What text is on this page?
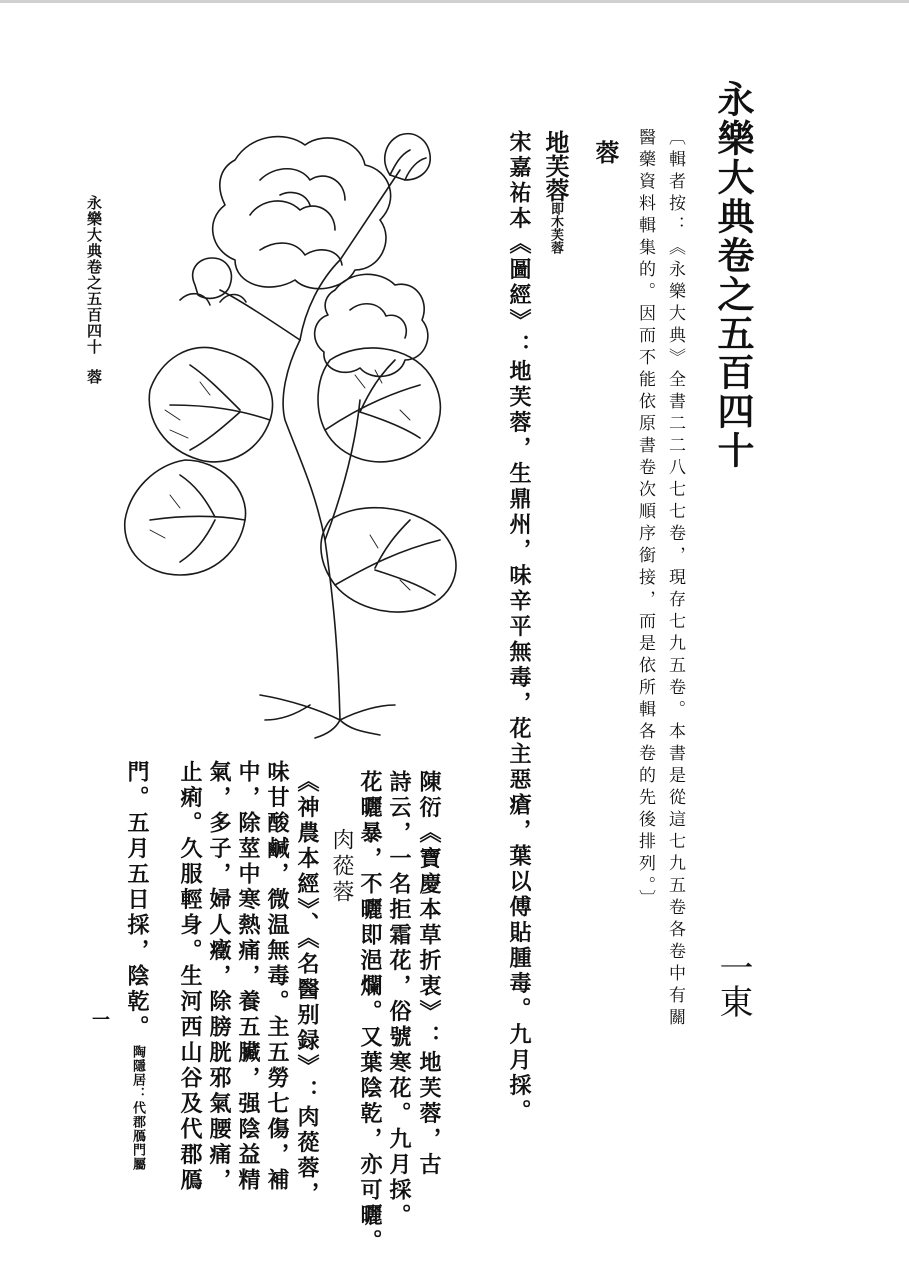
永樂大典卷之五百四十
一東
〔輯者按：《永樂大典》全書二二八七七卷，現存七九五卷。本書是從這七九五卷各卷中有關
醫藥資料輯集的。因而不能依原書卷次順序銜接，而是依所輯各卷的先後排列。〕
蓉
地芙蓉即木芙蓉
宋嘉祐本《圖經》：地芙蓉，生鼎州，味辛平無毒，花主惡瘡，葉以傅貼腫毒。九月採。
陳衍《寶慶本草折衷》：地芙蓉，古
詩云，一名拒霜花，俗號寒花。九月採。
花曬暴，不曬即浥爛。又葉陰乾，亦可曬。
肉蓯蓉
《神農本經》、《名醫别録》：肉蓯蓉，
味甘酸鹹，微温無毒。主五勞七傷，補
中，除莖中寒熱痛，養五臟，强陰益精
氣，多子，婦人癥，除膀胱邪氣腰痛，
止痢。久服輕身。生河西山谷及代郡鴈
門。五月五日採，陰乾。陶隱居：代郡鴈門屬
永樂大典卷之五百四十蓉
一
